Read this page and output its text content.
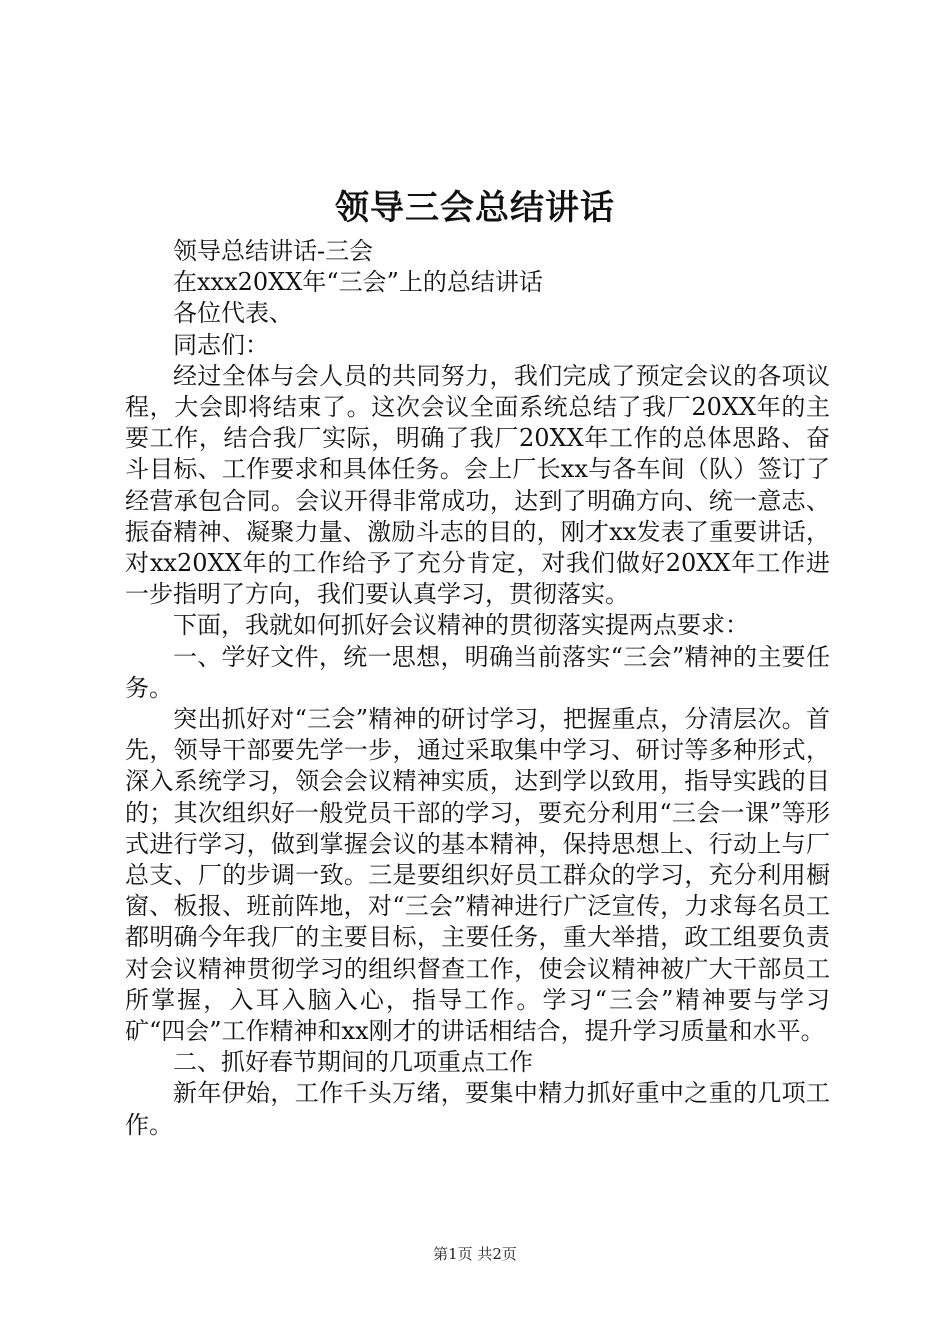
领导三会总结讲话

领导总结讲话-三会

在xxx20XX年“三会”上的总结讲话

各位代表、

同志们：

经过全体与会人员的共同努力，我们完成了预定会议的各项议程，大会即将结束了。这次会议全面系统总结了我厂20XX年的主要工作，结合我厂实际，明确了我厂20XX年工作的总体思路、奋斗目标、工作要求和具体任务。会上厂长xx与各车间（队）签订了经营承包合同。会议开得非常成功，达到了明确方向、统一意志、振奋精神、凝聚力量、激励斗志的目的，刚才xx发表了重要讲话，对xx20XX年的工作给予了充分肯定，对我们做好20XX年工作进一步指明了方向，我们要认真学习，贯彻落实。

下面，我就如何抓好会议精神的贯彻落实提两点要求：

一、学好文件，统一思想，明确当前落实“三会”精神的主要任务。

突出抓好对“三会”精神的研讨学习，把握重点，分清层次。首先，领导干部要先学一步，通过采取集中学习、研讨等多种形式，深入系统学习，领会会议精神实质，达到学以致用，指导实践的目的；其次组织好一般党员干部的学习，要充分利用“三会一课”等形式进行学习，做到掌握会议的基本精神，保持思想上、行动上与厂总支、厂的步调一致。三是要组织好员工群众的学习，充分利用橱窗、板报、班前阵地，对“三会”精神进行广泛宣传，力求每名员工都明确今年我厂的主要目标，主要任务，重大举措，政工组要负责对会议精神贯彻学习的组织督查工作，使会议精神被广大干部员工所掌握，入耳入脑入心，指导工作。学习“三会”精神要与学习矿“四会”工作精神和xx刚才的讲话相结合，提升学习质量和水平。

二、抓好春节期间的几项重点工作

新年伊始，工作千头万绪，要集中精力抓好重中之重的几项工作。

第1页 共2页
